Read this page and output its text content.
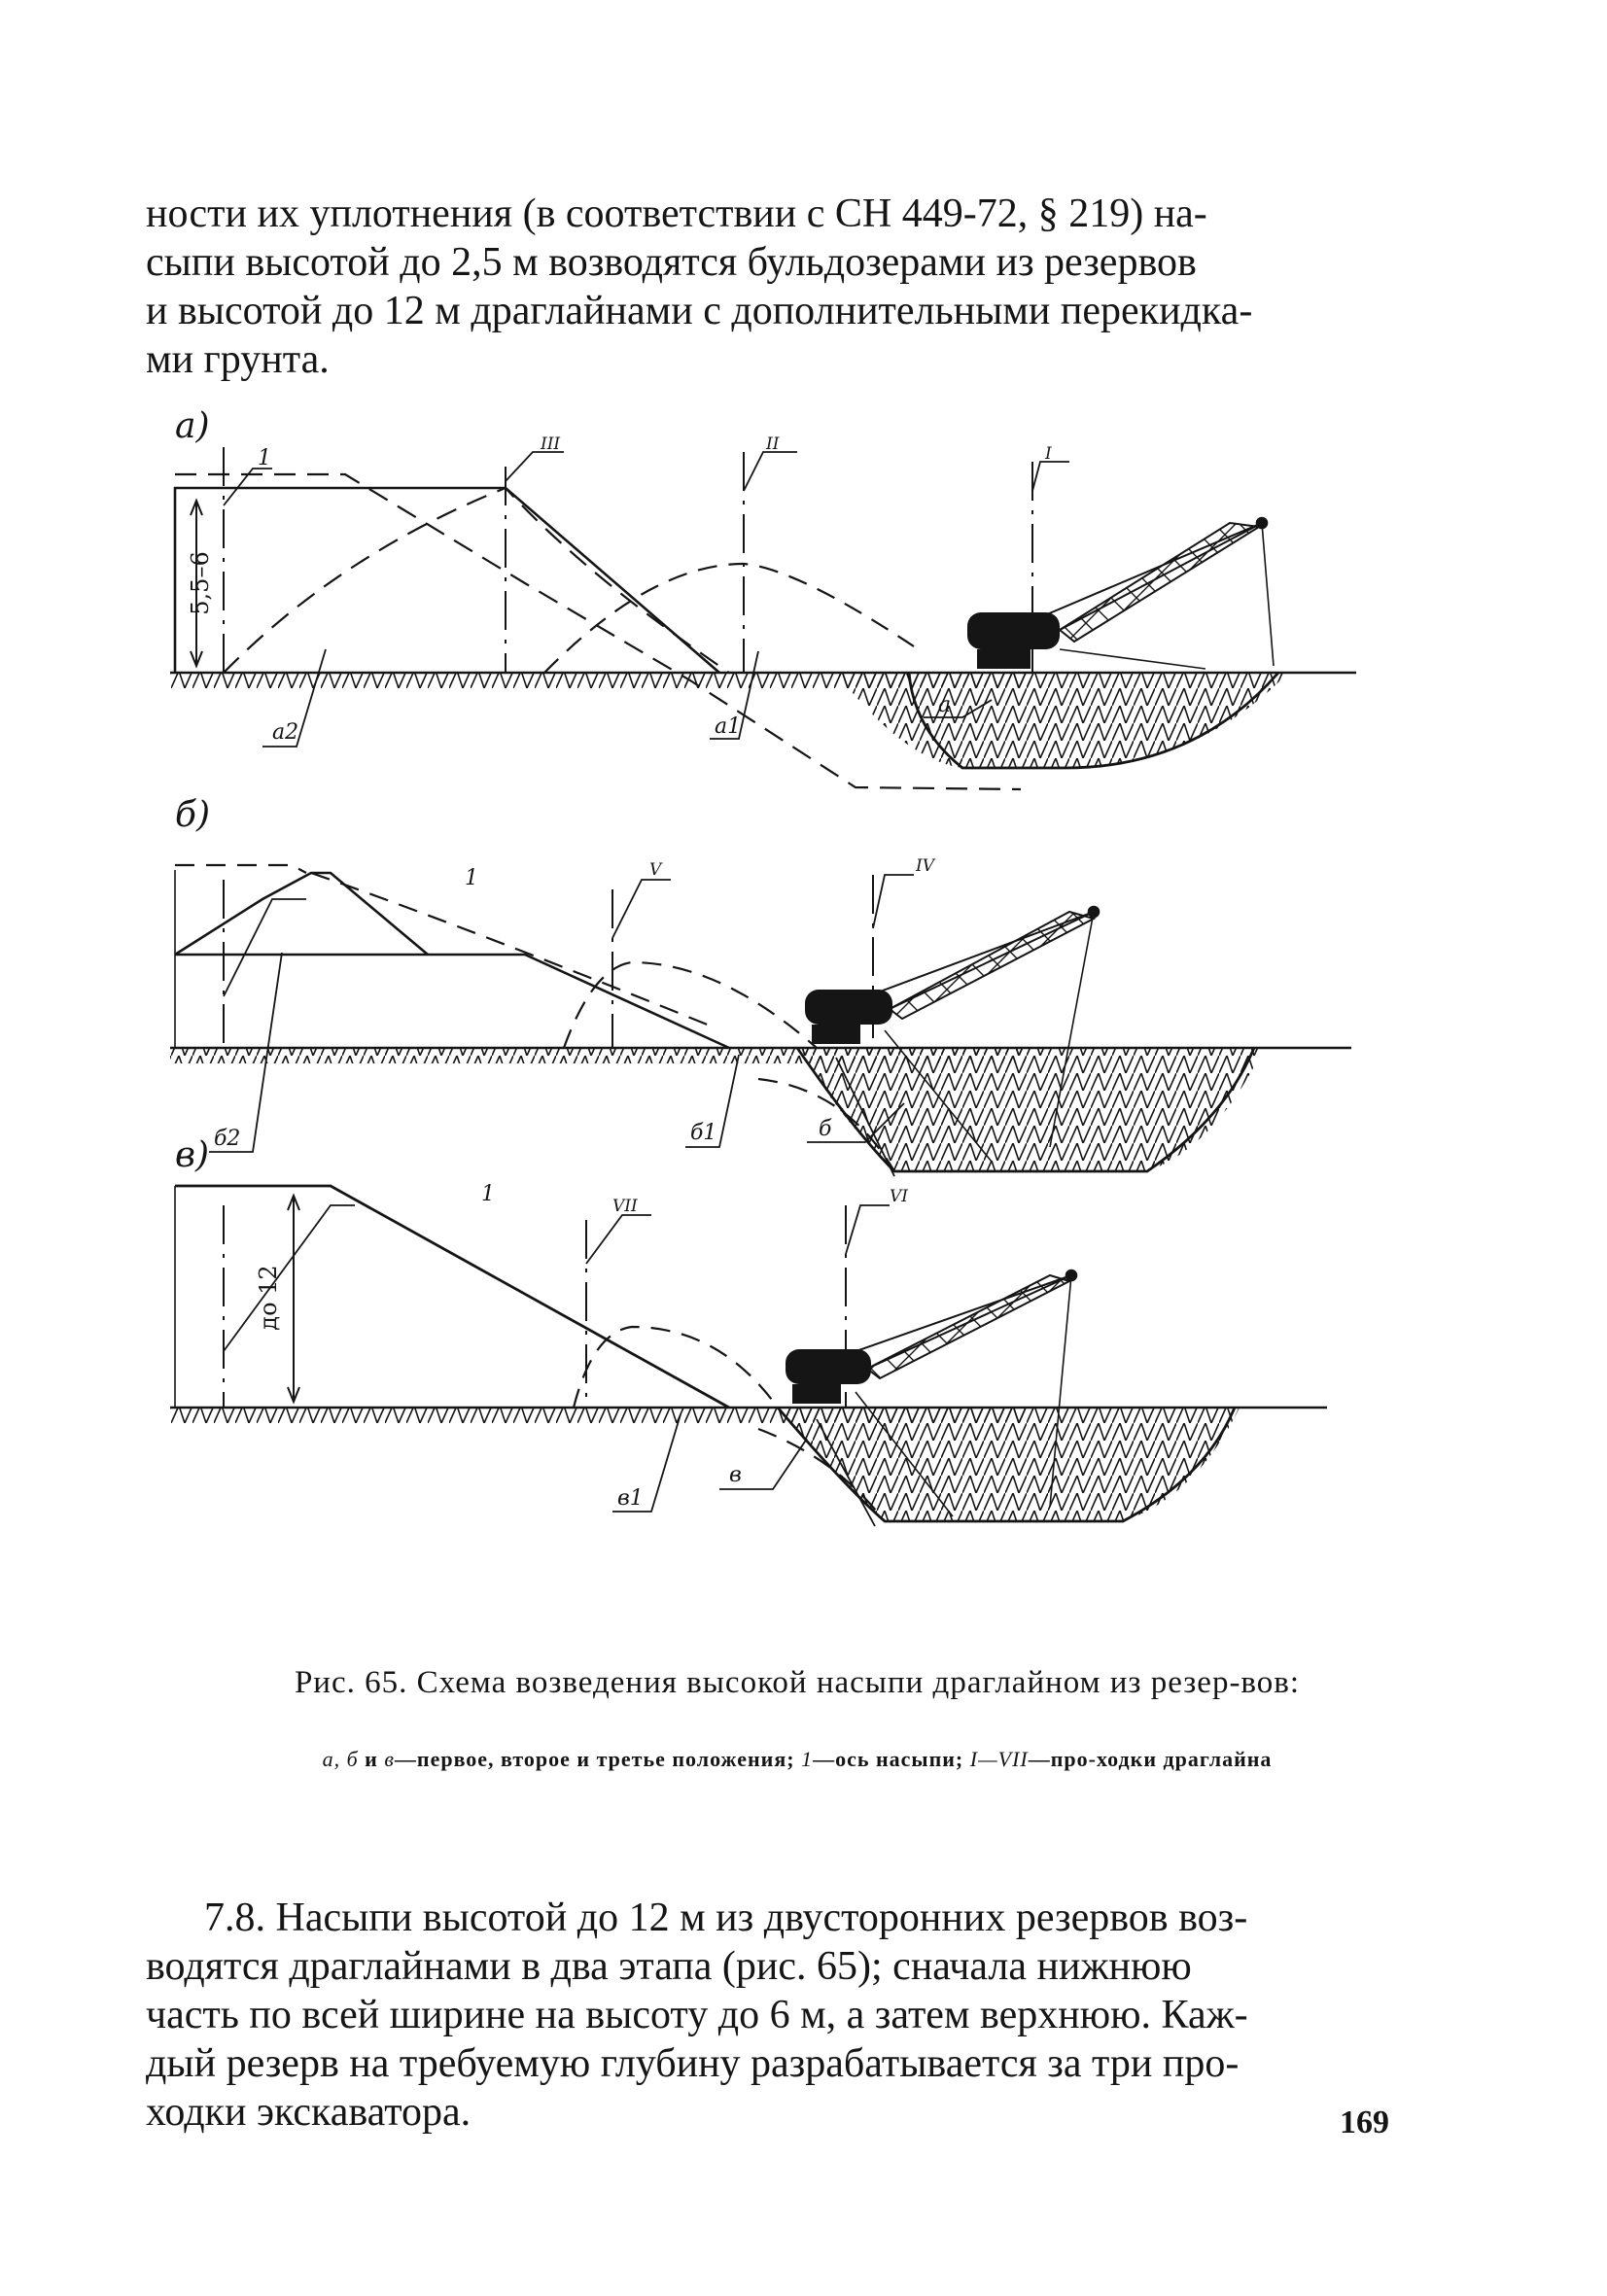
ности их уплотнения (в соответствии с СН 449-72, § 219) на-

сыпи высотой до 2,5 м возводятся бульдозерами из резервов

и высотой до 12 м драглайнами с дополнительными перекидка-

ми грунта.

а)
5,5–6
1
III	II	I
а2	а1
а
б)
1	V	IV
б2	б1	б
в)
до 12
1	VII	VI
в1
в
Рис. 65. Схема возведения высокой насыпи драглайном из резер-вов:
а, б и в—первое, второе и третье положения; 1—ось насыпи; I—VII—про-ходки драглайна

7.8. Насыпи высотой до 12 м из двусторонних резервов воз-

водятся драглайнами в два этапа (рис. 65); сначала нижнюю

часть по всей ширине на высоту до 6 м, а затем верхнюю. Каж-

дый резерв на требуемую глубину разрабатывается за три про-

ходки экскаватора.	169
